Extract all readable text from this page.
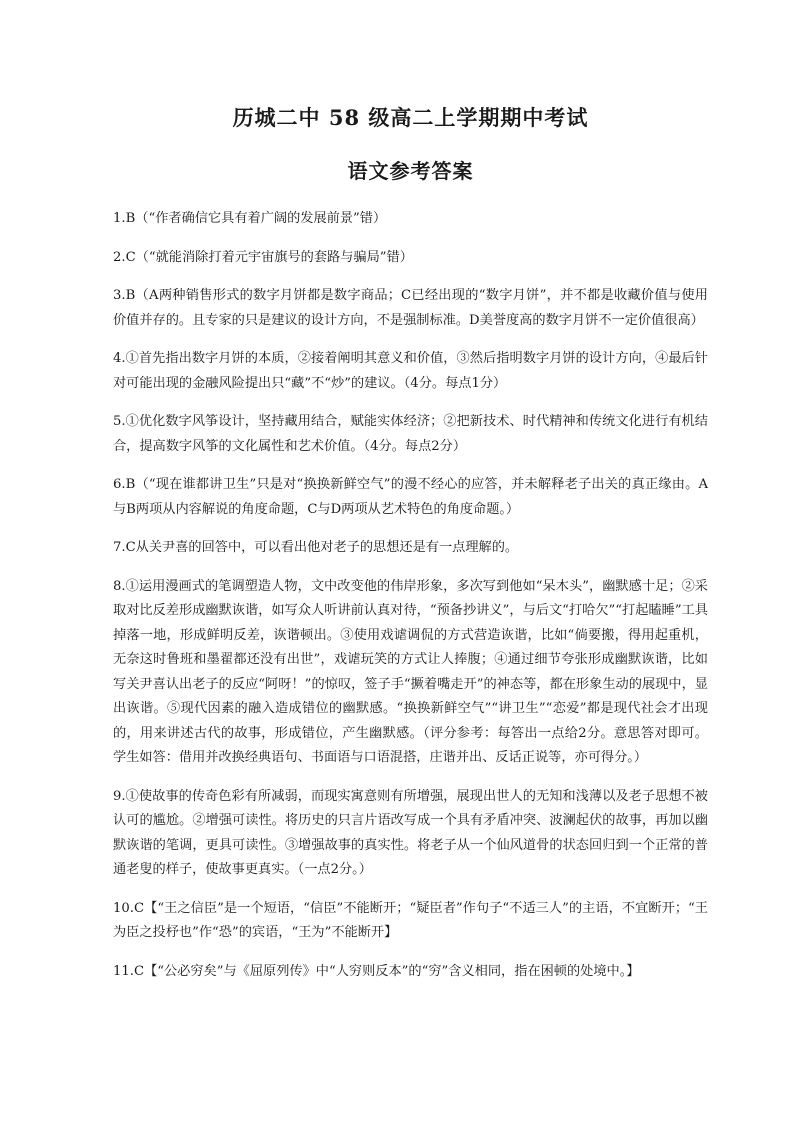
历城二中 58 级高二上学期期中考试
语文参考答案

1.B（“作者确信它具有着广阔的发展前景”错）

2.C（“就能消除打着元宇宙旗号的套路与骗局”错）

3.B（A两种销售形式的数字月饼都是数字商品；C已经出现的“数字月饼”，并不都是收藏价值与使用价值并存的。且专家的只是建议的设计方向，不是强制标准。D美誉度高的数字月饼不一定价值很高）

4.①首先指出数字月饼的本质，②接着阐明其意义和价值，③然后指明数字月饼的设计方向，④最后针对可能出现的金融风险提出只“藏”不“炒”的建议。（4分。每点1分）

5.①优化数字风筝设计，坚持藏用结合，赋能实体经济；②把新技术、时代精神和传统文化进行有机结合，提高数字风筝的文化属性和艺术价值。（4分。每点2分）

6.B（“现在谁都讲卫生”只是对“换换新鲜空气”的漫不经心的应答，并未解释老子出关的真正缘由。A与B两项从内容解说的角度命题，C与D两项从艺术特色的角度命题。）

7.C从关尹喜的回答中，可以看出他对老子的思想还是有一点理解的。

8.①运用漫画式的笔调塑造人物，文中改变他的伟岸形象，多次写到他如“呆木头”，幽默感十足；②采取对比反差形成幽默诙谐，如写众人听讲前认真对待，“预备抄讲义”，与后文“打哈欠”“打起瞌睡”工具掉落一地，形成鲜明反差，诙谐顿出。③使用戏谑调侃的方式营造诙谐，比如“倘要搬，得用起重机，无奈这时鲁班和墨翟都还没有出世”，戏谑玩笑的方式让人捧腹；④通过细节夸张形成幽默诙谐，比如写关尹喜认出老子的反应“阿呀！”的惊叹，签子手“撅着嘴走开”的神态等，都在形象生动的展现中，显出诙谐。⑤现代因素的融入造成错位的幽默感。“换换新鲜空气”“讲卫生”“恋爱”都是现代社会才出现的，用来讲述古代的故事，形成错位，产生幽默感。（评分参考：每答出一点给2分。意思答对即可。学生如答：借用并改换经典语句、书面语与口语混搭，庄谐并出、反话正说等，亦可得分。）

9.①使故事的传奇色彩有所减弱，而现实寓意则有所增强，展现出世人的无知和浅薄以及老子思想不被认可的尴尬。②增强可读性。将历史的只言片语改写成一个具有矛盾冲突、波澜起伏的故事，再加以幽默诙谐的笔调，更具可读性。③增强故事的真实性。将老子从一个仙风道骨的状态回归到一个正常的普通老叟的样子，使故事更真实。（一点2分。）

10.C【“王之信臣”是一个短语，“信臣”不能断开；“疑臣者”作句子“不适三人”的主语，不宜断开；“王为臣之投杼也”作“恐”的宾语，“王为”不能断开】

11.C【“公必穷矣”与《屈原列传》中“人穷则反本”的“穷”含义相同，指在困顿的处境中。】
